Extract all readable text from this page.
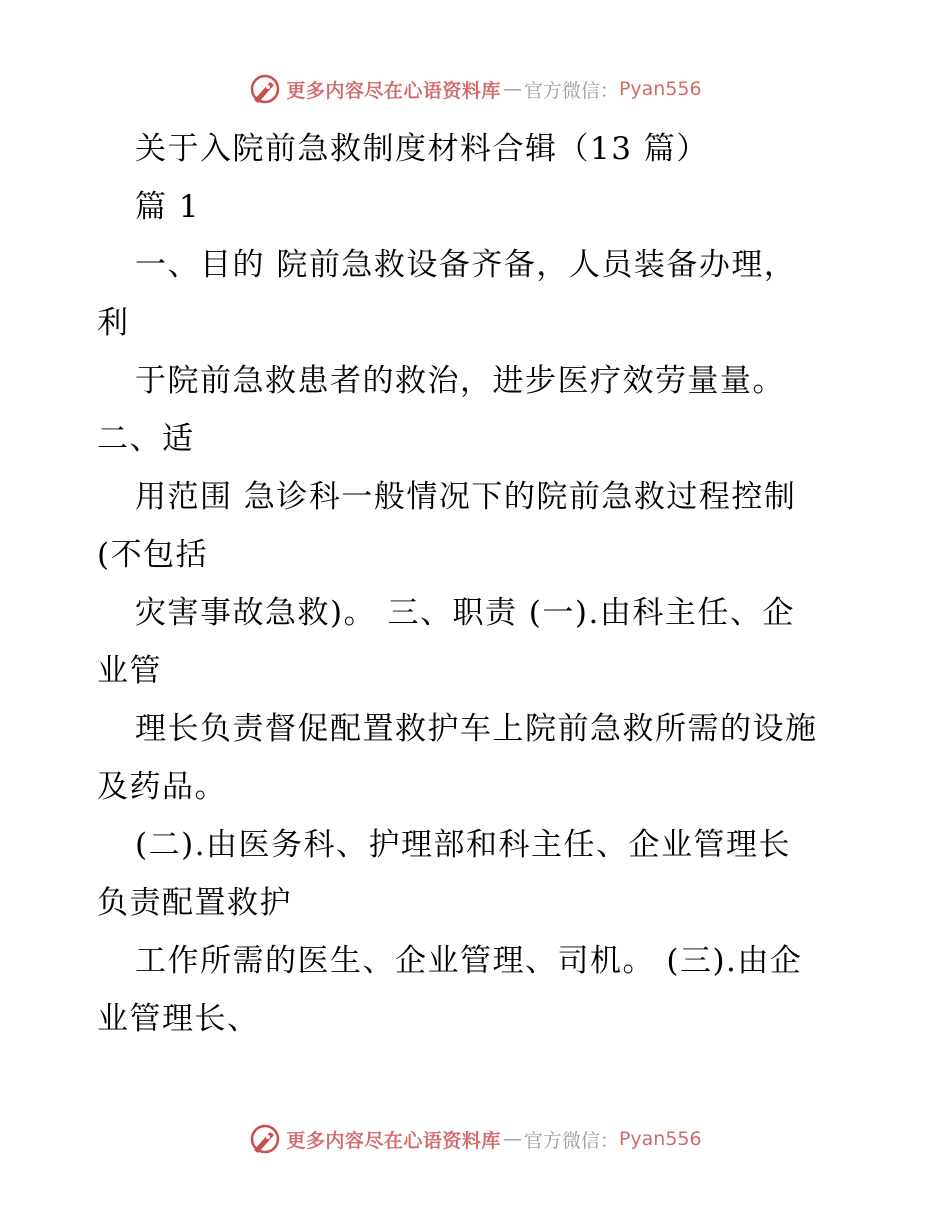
更多内容尽在心语资料库 — 官方微信： Pyan556
关于入院前急救制度材料合辑（13 篇）
篇 1
一、目的 院前急救设备齐备，人员装备办理，
利
于院前急救患者的救治，进步医疗效劳量量。
二、适
用范围 急诊科一般情况下的院前急救过程控制
(不包括
灾害事故急救)。 三、职责 (一).由科主任、企
业管
理长负责督促配置救护车上院前急救所需的设施
及药品。
(二).由医务科、护理部和科主任、企业管理长
负责配置救护
工作所需的医生、企业管理、司机。 (三).由企
业管理长、
更多内容尽在心语资料库 — 官方微信： Pyan556
